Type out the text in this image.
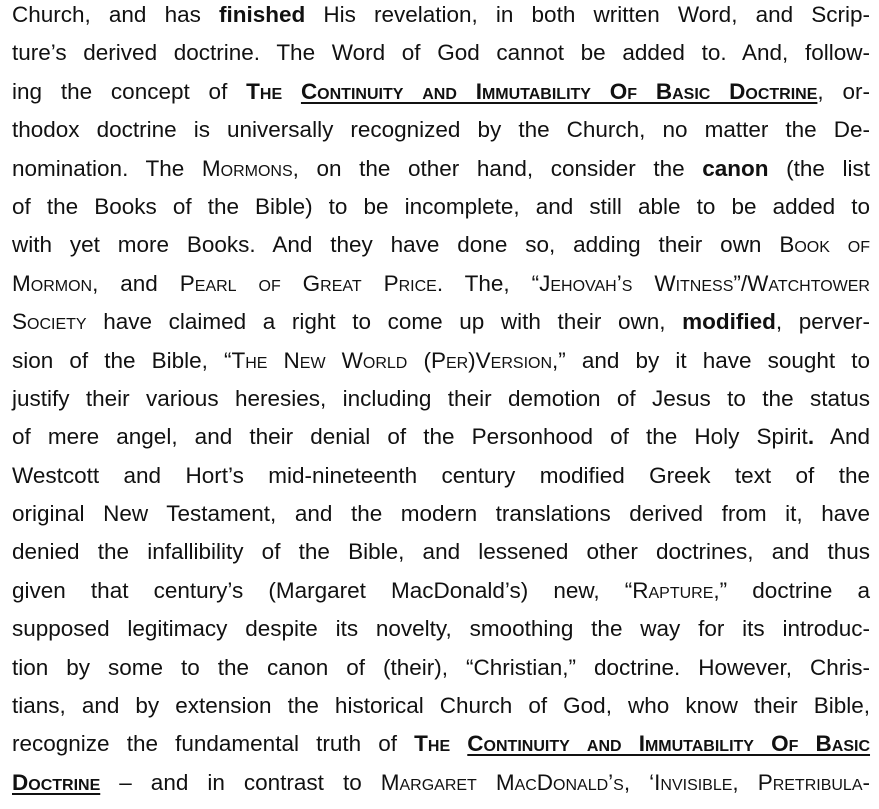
Church, and has finished His revelation, in both written Word, and Scrip-
ture’s derived doctrine. The Word of God cannot be added to. And, follow-
ing the concept of The Continuity and Immutability Of Basic Doctrine, or-
thodox doctrine is universally recognized by the Church, no matter the De-
nomination. The Mormons, on the other hand, consider the canon (the list
of the Books of the Bible) to be incomplete, and still able to be added to
with yet more Books. And they have done so, adding their own Book of
Mormon, and Pearl of Great Price. The, “Jehovah’s Witness”/Watchtower
Society have claimed a right to come up with their own, modified, perver-
sion of the Bible, “The New World (Per)Version,” and by it have sought to
justify their various heresies, including their demotion of Jesus to the status
of mere angel, and their denial of the Personhood of the Holy Spirit. And
Westcott and Hort’s mid-nineteenth century modified Greek text of the
original New Testament, and the modern translations derived from it, have
denied the infallibility of the Bible, and lessened other doctrines, and thus
given that century’s (Margaret MacDonald’s) new, “Rapture,” doctrine a
supposed legitimacy despite its novelty, smoothing the way for its introduc-
tion by some to the canon of (their), “Christian,” doctrine. However, Chris-
tians, and by extension the historical Church of God, who know their Bible,
recognize the fundamental truth of The Continuity and Immutability Of Basic
Doctrine – and in contrast to Margaret MacDonald’s, ‘Invisible, Pretribula-
